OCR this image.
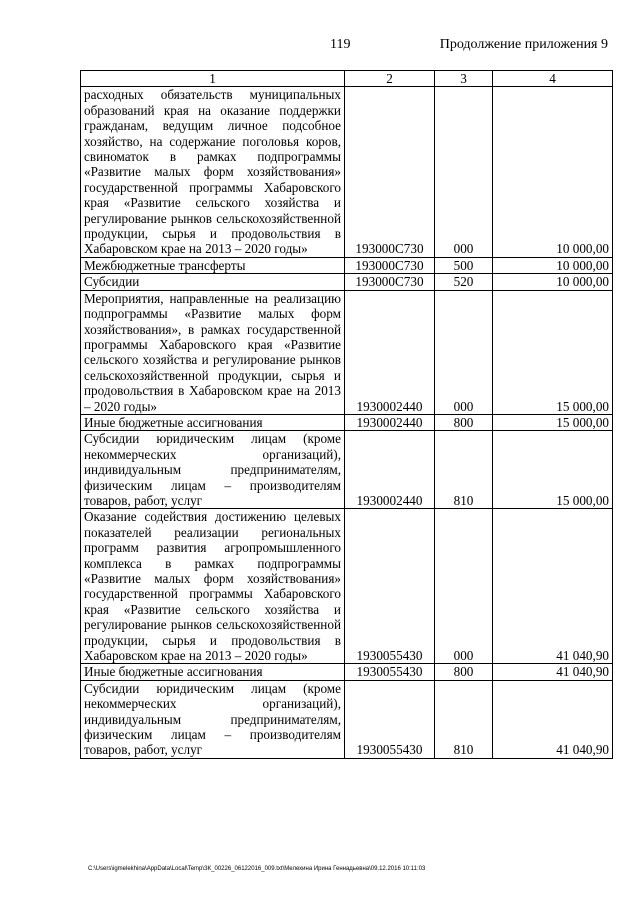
119	Продолжение приложения 9
1	2	3	4
расходных обязательств муниципальных образований края на оказание поддержки гражданам, ведущим личное подсобное хозяйство, на содержание поголовья коров, свиноматок в рамках подпрограммы «Развитие малых форм хозяйствования» государственной программы Хабаровского края «Развитие сельского хозяйства и регулирование рынков сельскохозяйственной продукции, сырья и продовольствия в Хабаровском крае на 2013 – 2020 годы»	193000С730	000	10 000,00
Межбюджетные трансферты	193000С730	500	10 000,00
Субсидии	193000С730	520	10 000,00
Мероприятия, направленные на реализацию подпрограммы «Развитие малых форм хозяйствования», в рамках государственной программы Хабаровского края «Развитие сельского хозяйства и регулирование рынков сельскохозяйственной продукции, сырья и продовольствия в Хабаровском крае на 2013 – 2020 годы»	1930002440	000	15 000,00
Иные бюджетные ассигнования	1930002440	800	15 000,00
Субсидии юридическим лицам (кроме некоммерческих организаций), индивидуальным предпринимателям, физическим лицам – производителям товаров, работ, услуг	1930002440	810	15 000,00
Оказание содействия достижению целевых показателей реализации региональных программ развития агропромышленного комплекса в рамках подпрограммы «Развитие малых форм хозяйствования» государственной программы Хабаровского края «Развитие сельского хозяйства и регулирование рынков сельскохозяйственной продукции, сырья и продовольствия в Хабаровском крае на 2013 – 2020 годы»	1930055430	000	41 040,90
Иные бюджетные ассигнования	1930055430	800	41 040,90
Субсидии юридическим лицам (кроме некоммерческих организаций), индивидуальным предпринимателям, физическим лицам – производителям товаров, работ, услуг	1930055430	810	41 040,90
C:\Users\igmelekhina\AppData\Local\Temp\ЗК_00226_06122016_009.txt\Мелехина Ирина Геннадьевна\09.12.2016 10:11:03
